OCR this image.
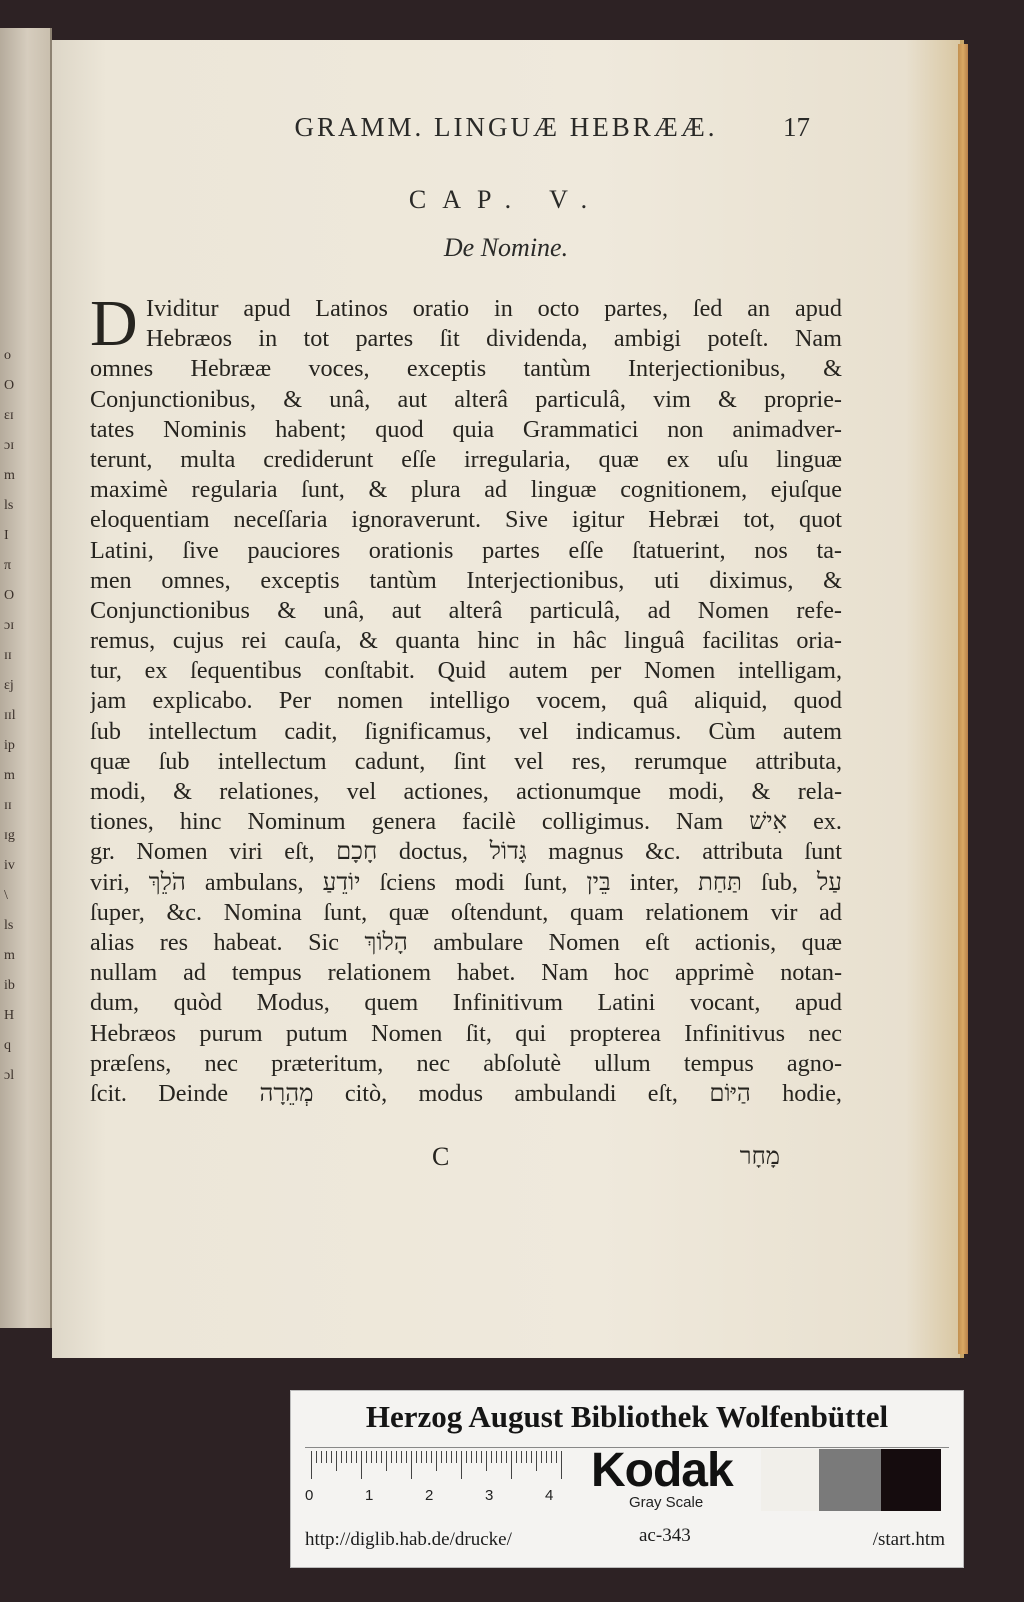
o
O
ɛɪ
ɔɪ
m
ls
I
π
O
ɔɪ
ɪɪ
ɛj
ɪɪl
ip
m
ɪɪ
ɪg
iv
\
ls
m
ib
H
q
ɔl
GRAMM. LINGUÆ HEBRÆÆ.	17
CAP. V.
De Nomine.
D Ividitur apud Latinos oratio in octo partes, ſed an apud
Hebræos in tot partes ſit dividenda, ambigi poteſt. Nam
omnes Hebrææ voces, exceptis tantùm Interjectionibus, &
Conjunctionibus, & unâ, aut alterâ particulâ, vim & proprie-
tates Nominis habent; quod quia Grammatici non animadver-
terunt, multa crediderunt eſſe irregularia, quæ ex uſu linguæ
maximè regularia ſunt, & plura ad linguæ cognitionem, ejuſque
eloquentiam neceſſaria ignoraverunt. Sive igitur Hebræi tot, quot
Latini, ſive pauciores orationis partes eſſe ſtatuerint, nos ta-
men omnes, exceptis tantùm Interjectionibus, uti diximus, &
Conjunctionibus & unâ, aut alterâ particulâ, ad Nomen refe-
remus, cujus rei cauſa, & quanta hinc in hâc linguâ facilitas oria-
tur, ex ſequentibus conſtabit. Quid autem per Nomen intelligam,
jam explicabo. Per nomen intelligo vocem, quâ aliquid, quod
ſub intellectum cadit, ſignificamus, vel indicamus. Cùm autem
quæ ſub intellectum cadunt, ſint vel res, rerumque attributa,
modi, & relationes, vel actiones, actionumque modi, & rela-
tiones, hinc Nominum genera facilè colligimus. Nam אִישׁ ex.
gr. Nomen viri eſt, חָכָם doctus, גָּדוֹל magnus &c. attributa ſunt
viri, הֹלֵךְ ambulans, יוֹדֵעַ ſciens modi ſunt, בֵּין inter, תַּחַת ſub, עַל
ſuper, &c. Nomina ſunt, quæ oſtendunt, quam relationem vir ad
alias res habeat. Sic הָלוֹךְ ambulare Nomen eſt actionis, quæ
nullam ad tempus relationem habet. Nam hoc apprimè notan-
dum, quòd Modus, quem Infinitivum Latini vocant, apud
Hebræos purum putum Nomen ſit, qui propterea Infinitivus nec
præſens, nec præteritum, nec abſolutè ullum tempus agno-
ſcit. Deinde מְהֵרָה citò, modus ambulandi eſt, הַיּוֹם hodie,
C	מָחָר
Herzog August Bibliothek Wolfenbüttel
Kodak
Gray Scale
http://diglib.hab.de/drucke/	ac-343	/start.htm
0	1	2	3	4
